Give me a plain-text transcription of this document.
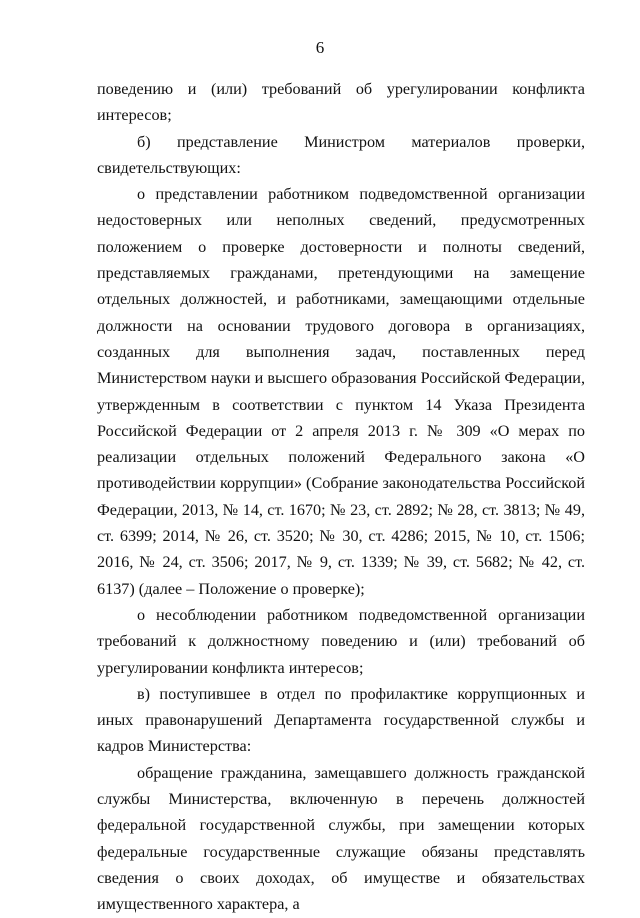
6

поведению и (или) требований об урегулировании конфликта интересов;

б) представление Министром материалов проверки, свидетельствующих:

о представлении работником подведомственной организации недостоверных или неполных сведений, предусмотренных положением о проверке достоверности и полноты сведений, представляемых гражданами, претендующими на замещение отдельных должностей, и работниками, замещающими отдельные должности на основании трудового договора в организациях, созданных для выполнения задач, поставленных перед Министерством науки и высшего образования Российской Федерации, утвержденным в соответствии с пунктом 14 Указа Президента Российской Федерации от 2 апреля 2013 г. № 309 «О мерах по реализации отдельных положений Федерального закона «О противодействии коррупции» (Собрание законодательства Российской Федерации, 2013, № 14, ст. 1670; № 23, ст. 2892; № 28, ст. 3813; № 49, ст. 6399; 2014, № 26, ст. 3520; № 30, ст. 4286; 2015, № 10, ст. 1506; 2016, № 24, ст. 3506; 2017, № 9, ст. 1339; № 39, ст. 5682; № 42, ст. 6137) (далее – Положение о проверке);

о несоблюдении работником подведомственной организации требований к должностному поведению и (или) требований об урегулировании конфликта интересов;

в) поступившее в отдел по профилактике коррупционных и иных правонарушений Департамента государственной службы и кадров Министерства:

обращение гражданина, замещавшего должность гражданской службы Министерства, включенную в перечень должностей федеральной государственной службы, при замещении которых федеральные государственные служащие обязаны представлять сведения о своих доходах, об имуществе и обязательствах имущественного характера, а
